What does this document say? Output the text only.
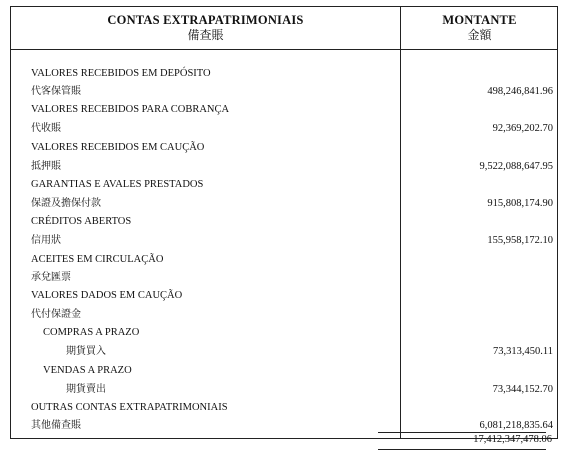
CONTAS EXTRAPATRIMONIAIS
備查賬
MONTANTE
金額
VALORES RECEBIDOS EM DEPÓSITO
代客保管賬	498,246,841.96
VALORES RECEBIDOS PARA COBRANÇA
代收賬	92,369,202.70
VALORES RECEBIDOS EM CAUÇÃO
抵押賬	9,522,088,647.95
GARANTIAS E AVALES PRESTADOS
保證及擔保付款	915,808,174.90
CRÉDITOS ABERTOS
信用狀	155,958,172.10
ACEITES EM CIRCULAÇÃO
承兌匯票
VALORES DADOS EM CAUÇÃO
代付保證金
COMPRAS A PRAZO
期貨買入	73,313,450.11
VENDAS A PRAZO
期貨賣出	73,344,152.70
OUTRAS CONTAS EXTRAPATRIMONIAIS
其他備查賬	6,081,218,835.64
17,412,347,478.06
